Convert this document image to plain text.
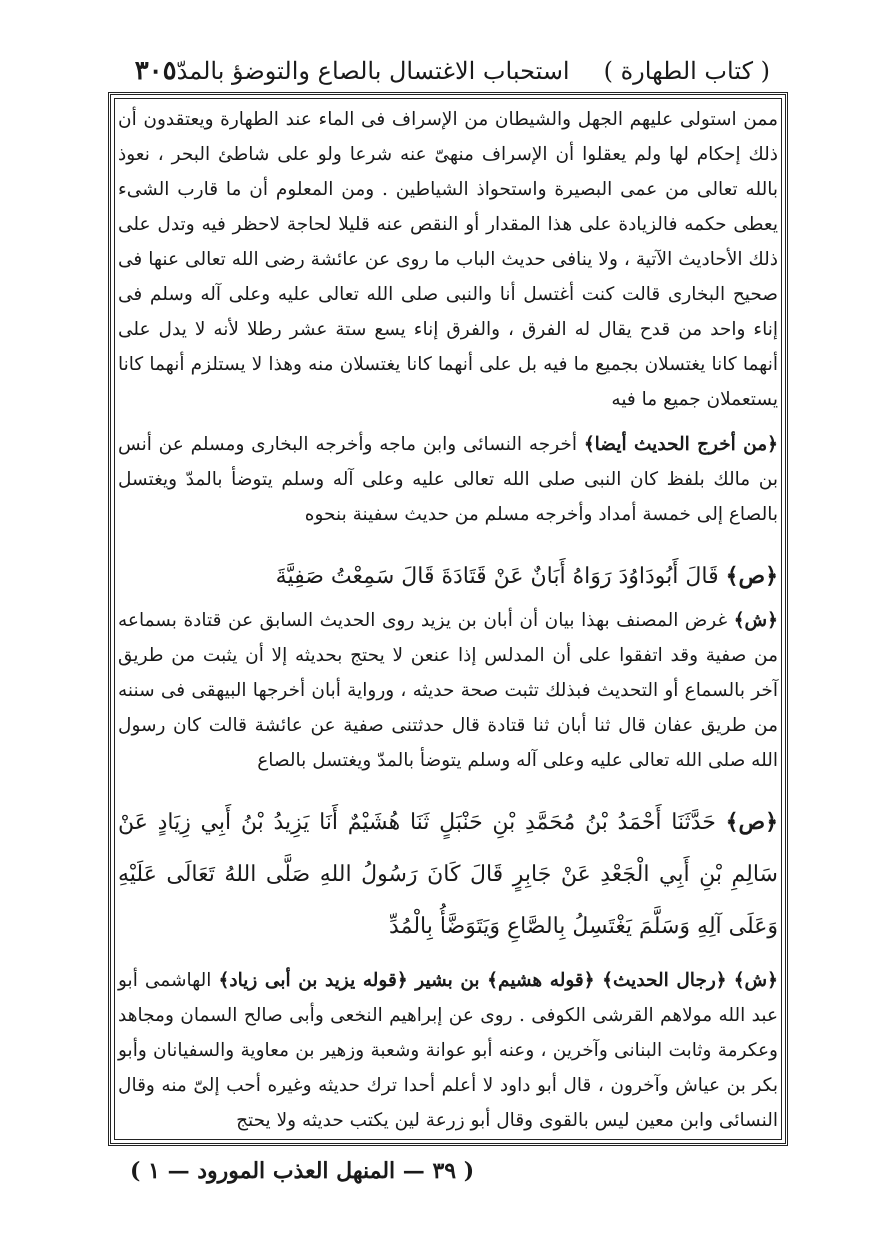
( كتاب الطهارة )
استحباب الاغتسال بالصاع والتوضؤ بالمدّ
٣٠٥
ممن استولى عليهم الجهل والشيطان من الإسراف فى الماء عند الطهارة ويعتقدون أن ذلك إحكام لها ولم يعقلوا أن الإسراف منهىّ عنه شرعا ولو على شاطئ البحر ، نعوذ بالله تعالى من عمى البصيرة واستحواذ الشياطين . ومن المعلوم أن ما قارب الشىء يعطى حكمه فالزيادة على هذا المقدار أو النقص عنه قليلا لحاجة لاحظر فيه وتدل على ذلك الأحاديث الآتية ، ولا ينافى حديث الباب ما روى عن عائشة رضى الله تعالى عنها فى صحيح البخارى قالت كنت أغتسل أنا والنبى صلى الله تعالى عليه وعلى آله وسلم فى إناء واحد من قدح يقال له الفرق ، والفرق إناء يسع ستة عشر رطلا لأنه لا يدل على أنهما كانا يغتسلان بجميع ما فيه بل على أنهما كانا يغتسلان منه وهذا لا يستلزم أنهما كانا يستعملان جميع ما فيه
﴿من أخرج الحديث أيضا﴾ أخرجه النسائى وابن ماجه وأخرجه البخارى ومسلم عن أنس بن مالك بلفظ كان النبى صلى الله تعالى عليه وعلى آله وسلم يتوضأ بالمدّ ويغتسل بالصاع إلى خمسة أمداد وأخرجه مسلم من حديث سفينة بنحوه
﴿ص﴾ قَالَ أَبُودَاوُدَ رَوَاهُ أَبَانٌ عَنْ قَتَادَةَ قَالَ سَمِعْتُ صَفِيَّةَ
﴿ش﴾ غرض المصنف بهذا بيان أن أبان بن يزيد روى الحديث السابق عن قتادة بسماعه من صفية وقد اتفقوا على أن المدلس إذا عنعن لا يحتج بحديثه إلا أن يثبت من طريق آخر بالسماع أو التحديث فبذلك تثبت صحة حديثه ، ورواية أبان أخرجها البيهقى فى سننه من طريق عفان قال ثنا أبان ثنا قتادة قال حدثتنى صفية عن عائشة قالت كان رسول الله صلى الله تعالى عليه وعلى آله وسلم يتوضأ بالمدّ ويغتسل بالصاع
﴿ص﴾ حَدَّثَنَا أَحْمَدُ بْنُ مُحَمَّدِ بْنِ حَنْبَلٍ ثَنَا هُشَيْمٌ أَنَا يَزِيدُ بْنُ أَبِي زِيَادٍ عَنْ سَالِمِ بْنِ أَبِي الْجَعْدِ عَنْ جَابِرٍ قَالَ كَانَ رَسُولُ اللهِ صَلَّى اللهُ تَعَالَى عَلَيْهِ وَعَلَى آلِهِ وَسَلَّمَ يَغْتَسِلُ بِالصَّاعِ وَيَتَوَضَّأُ بِالْمُدِّ
﴿ش﴾ ﴿رجال الحديث﴾ ﴿قوله هشيم﴾ بن بشير ﴿قوله يزيد بن أبى زياد﴾ الهاشمى أبو عبد الله مولاهم القرشى الكوفى . روى عن إبراهيم النخعى وأبى صالح السمان ومجاهد وعكرمة وثابت البنانى وآخرين ، وعنه أبو عوانة وشعبة وزهير بن معاوية والسفيانان وأبو بكر بن عياش وآخرون ، قال أبو داود لا أعلم أحدا ترك حديثه وغيره أحب إلىّ منه وقال النسائى وابن معين ليس بالقوى وقال أبو زرعة لين يكتب حديثه ولا يحتج
( ٣٩ — المنهل العذب المورود — ١ )
